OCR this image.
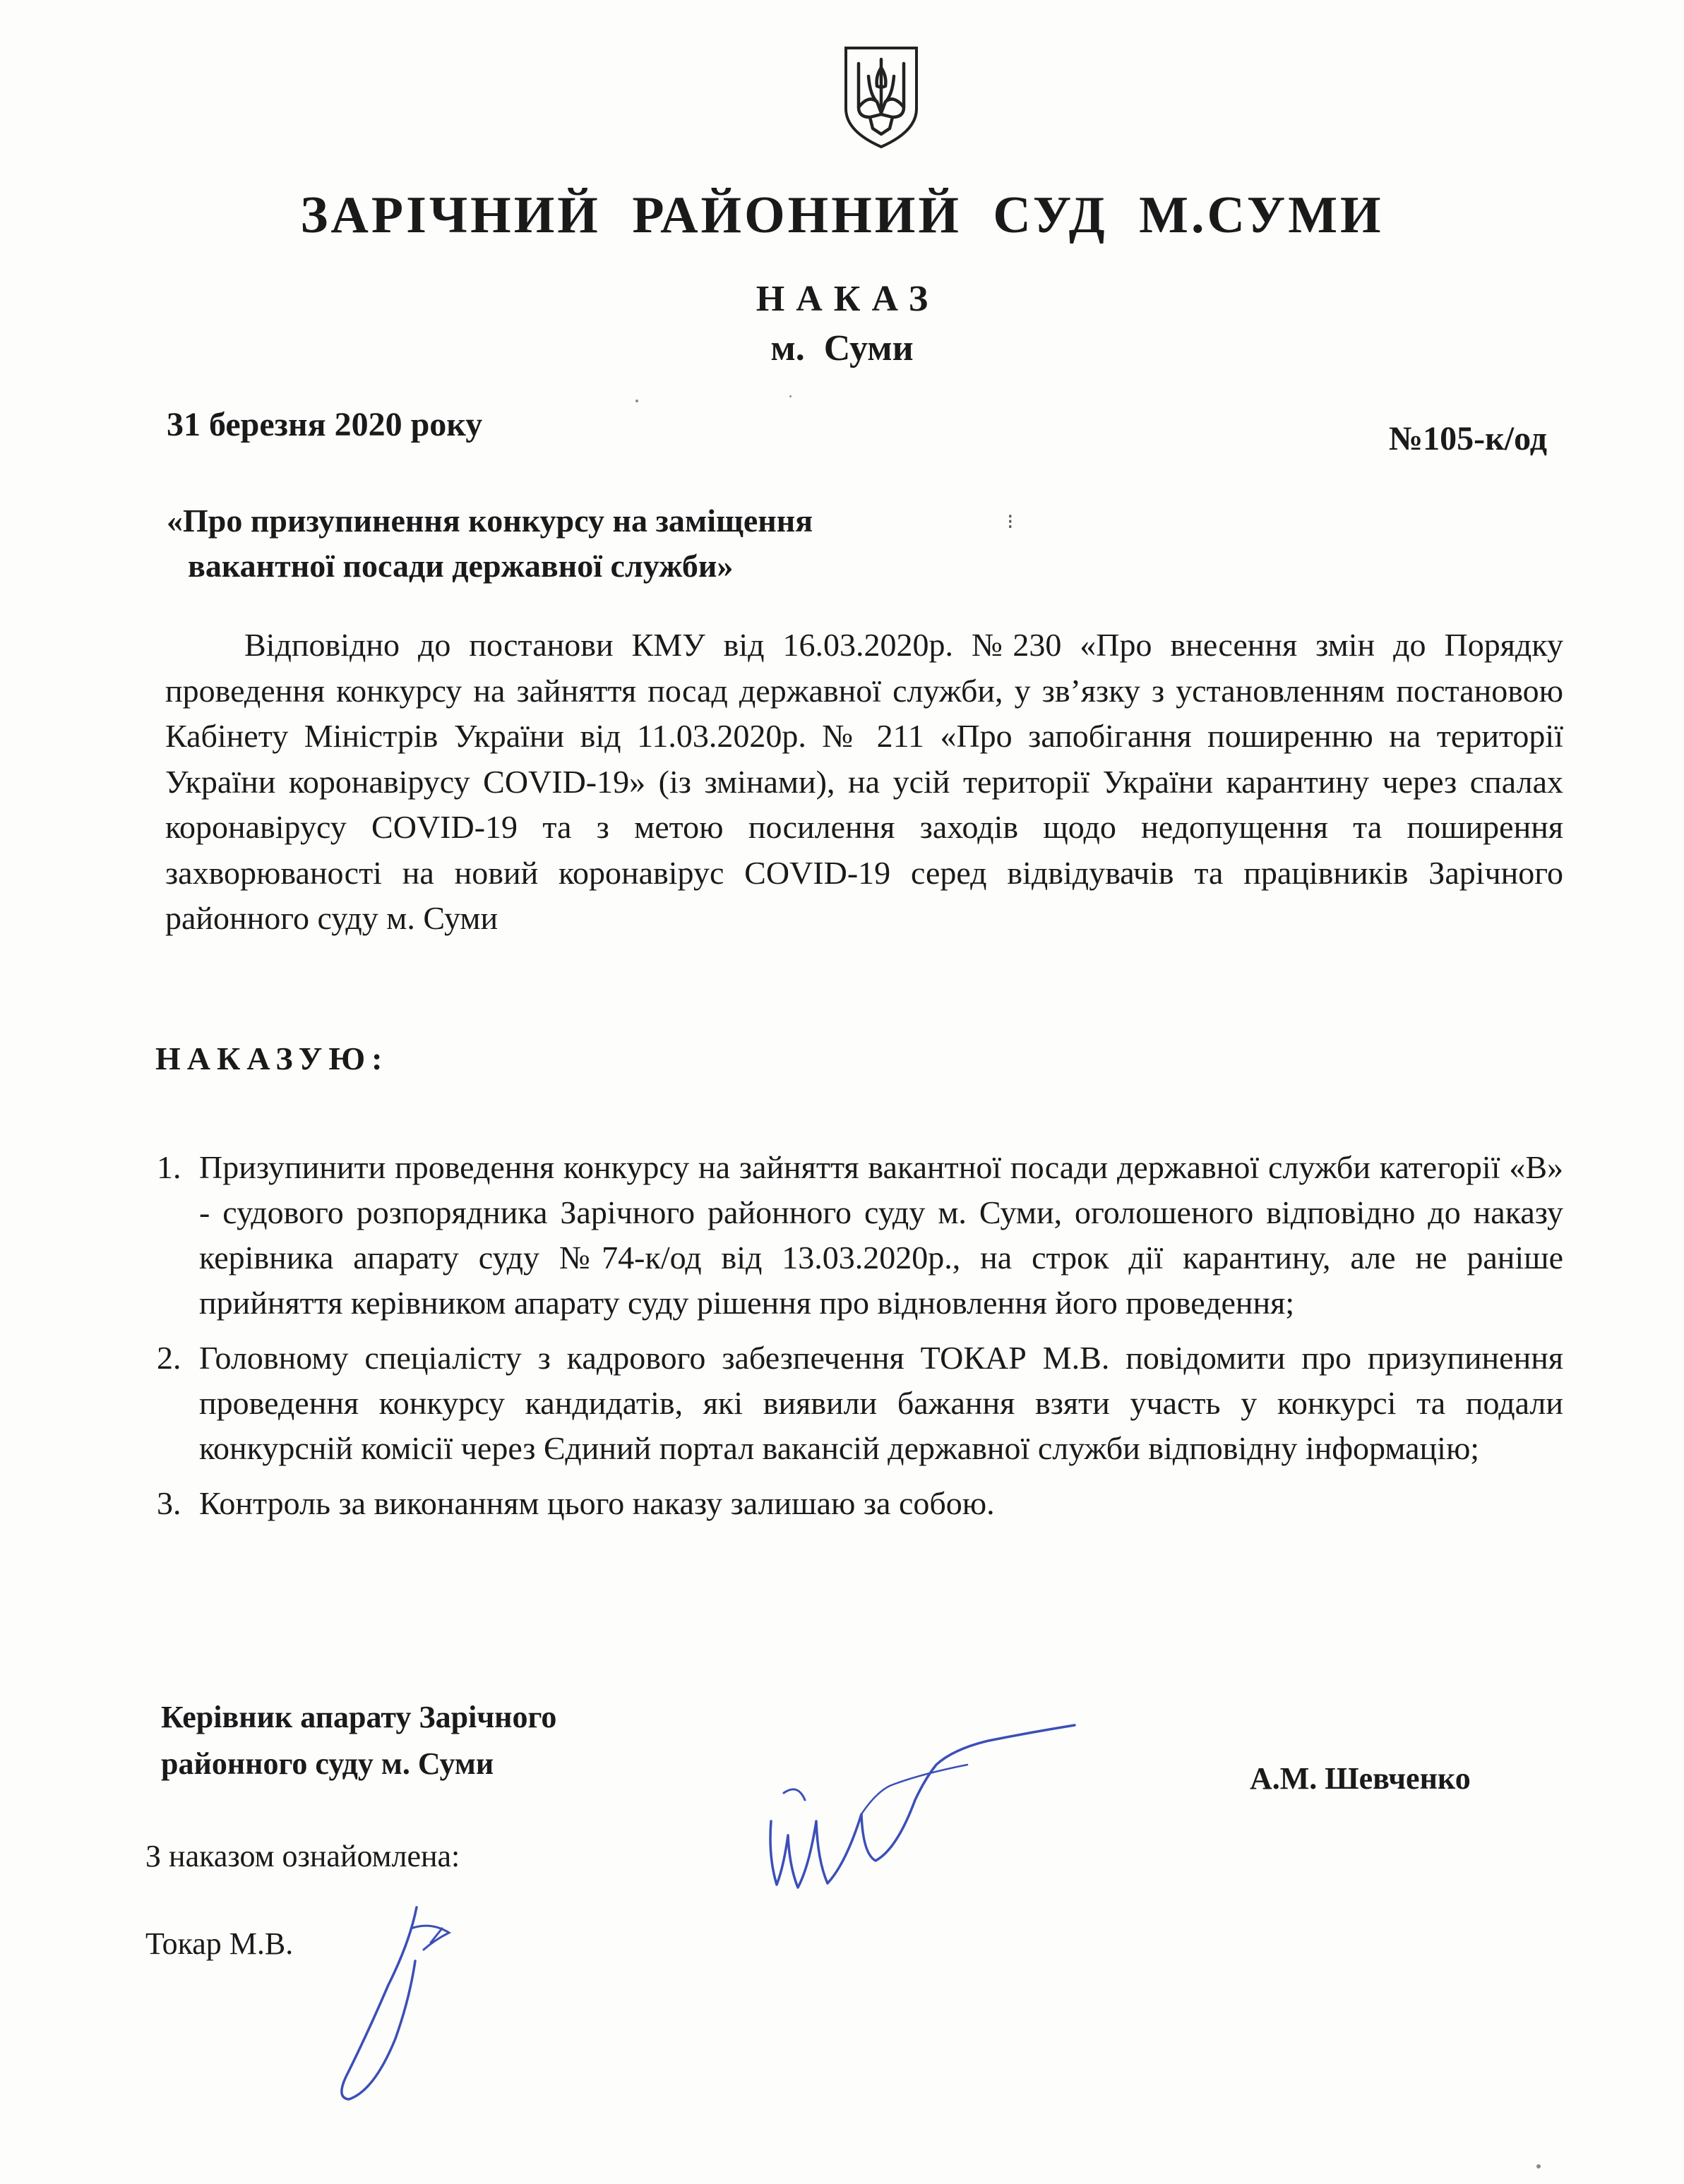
ЗАРІЧНИЙ РАЙОННИЙ СУД М.СУМИ
НАКАЗ
м. Суми
31 березня 2020 року	№105-к/од
«Про призупинення конкурсу на заміщення
вакантної посади державної служби»
⁝

Відповідно до постанови КМУ від 16.03.2020р. №230 «Про внесення змін до Порядку проведення конкурсу на зайняття посад державної служби, у зв’язку з установленням постановою Кабінету Міністрів України від 11.03.2020р. № 211 «Про запобігання поширенню на території України коронавірусу COVID-19» (із змінами), на усій території України карантину через спалах коронавірусу COVID-19 та з метою посилення заходів щодо недопущення та поширення захворюваності на новий коронавірус COVID-19 серед відвідувачів та працівників Зарічного районного суду м. Суми

НАКАЗУЮ:
1. Призупинити проведення конкурсу на зайняття вакантної посади державної служби категорії «В» - судового розпорядника Зарічного районного суду м. Суми, оголошеного відповідно до наказу керівника апарату суду №74-к/од від 13.03.2020р., на строк дії карантину, але не раніше прийняття керівником апарату суду рішення про відновлення його проведення;
2. Головному спеціалісту з кадрового забезпечення ТОКАР М.В. повідомити про призупинення проведення конкурсу кандидатів, які виявили бажання взяти участь у конкурсі та подали конкурсній комісії через Єдиний портал вакансій державної служби відповідну інформацію;
3. Контроль за виконанням цього наказу залишаю за собою.
Керівник апарату Зарічного
районного суду м. Суми	А.М. Шевченко
З наказом ознайомлена:
Токар М.В.
